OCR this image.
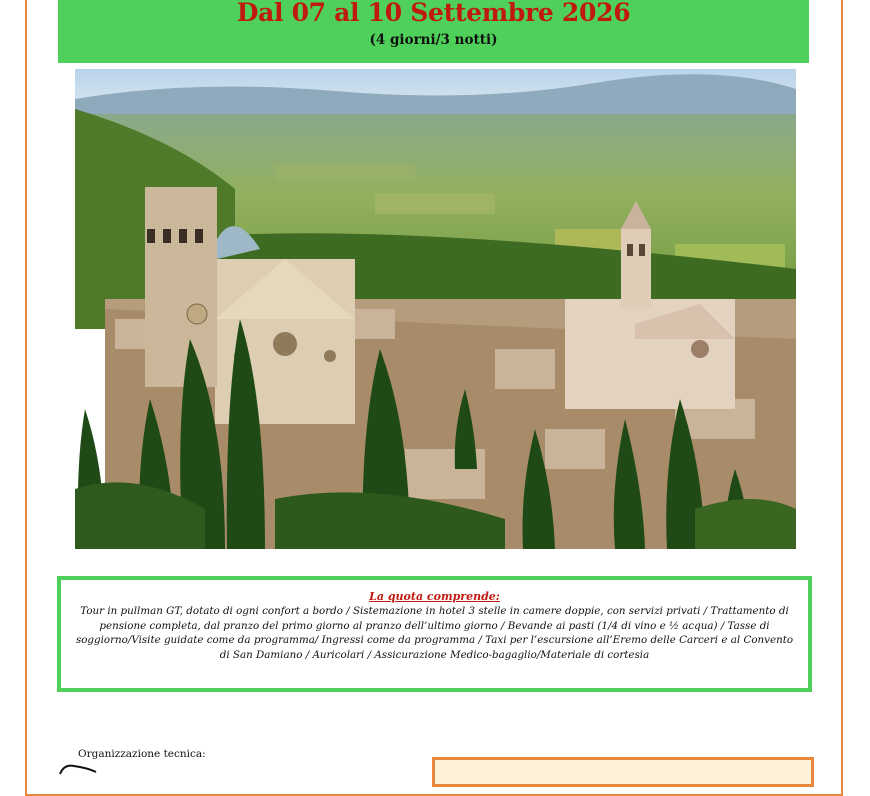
Dal 07 al 10 Settembre 2026
(4 giorni/3 notti)
La quota comprende:
Tour in pullman GT, dotato di ogni confort a bordo / Sistemazione in hotel 3 stelle in camere doppie, con servizi privati / Trattamento di pensione completa, dal pranzo del primo giorno al pranzo dell’ultimo giorno / Bevande ai pasti (1/4 di vino e ½ acqua) / Tasse di soggiorno/Visite guidate come da programma/ Ingressi come da programma / Taxi per l’escursione all’Eremo delle Carceri e al Convento di San Damiano / Auricolari / Assicurazione Medico-bagaglio/Materiale di cortesia
Organizzazione tecnica:
